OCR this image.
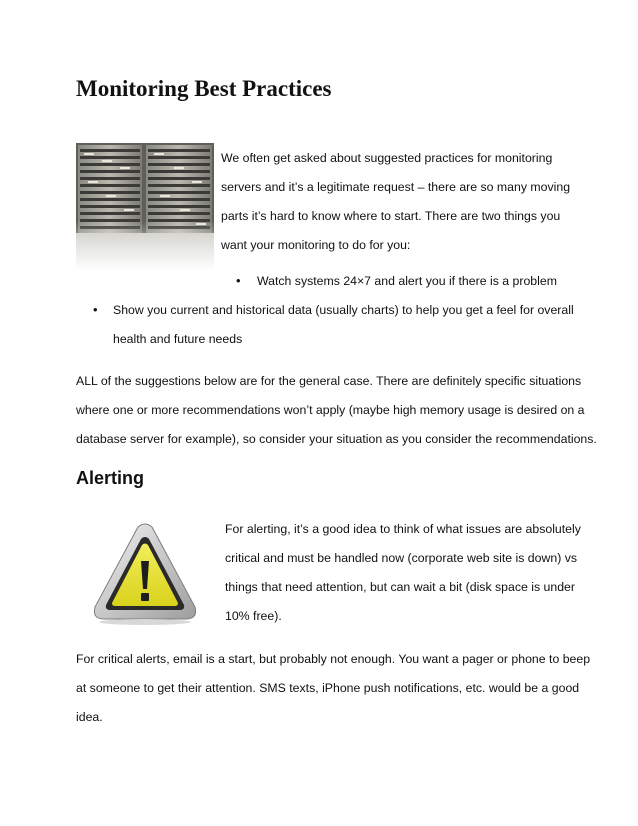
Monitoring Best Practices
We often get asked about suggested practices for monitoring
servers and it’s a legitimate request – there are so many moving
parts it’s hard to know where to start. There are two things you
want your monitoring to do for you:
• Watch systems 24×7 and alert you if there is a problem
• Show you current and historical data (usually charts) to help you get a feel for overall
health and future needs
ALL of the suggestions below are for the general case. There are definitely specific situations
where one or more recommendations won’t apply (maybe high memory usage is desired on a
database server for example), so consider your situation as you consider the recommendations.
Alerting
For alerting, it’s a good idea to think of what issues are absolutely
critical and must be handled now (corporate web site is down) vs
things that need attention, but can wait a bit (disk space is under
10% free).
For critical alerts, email is a start, but probably not enough. You want a pager or phone to beep
at someone to get their attention. SMS texts, iPhone push notifications, etc. would be a good
idea.
